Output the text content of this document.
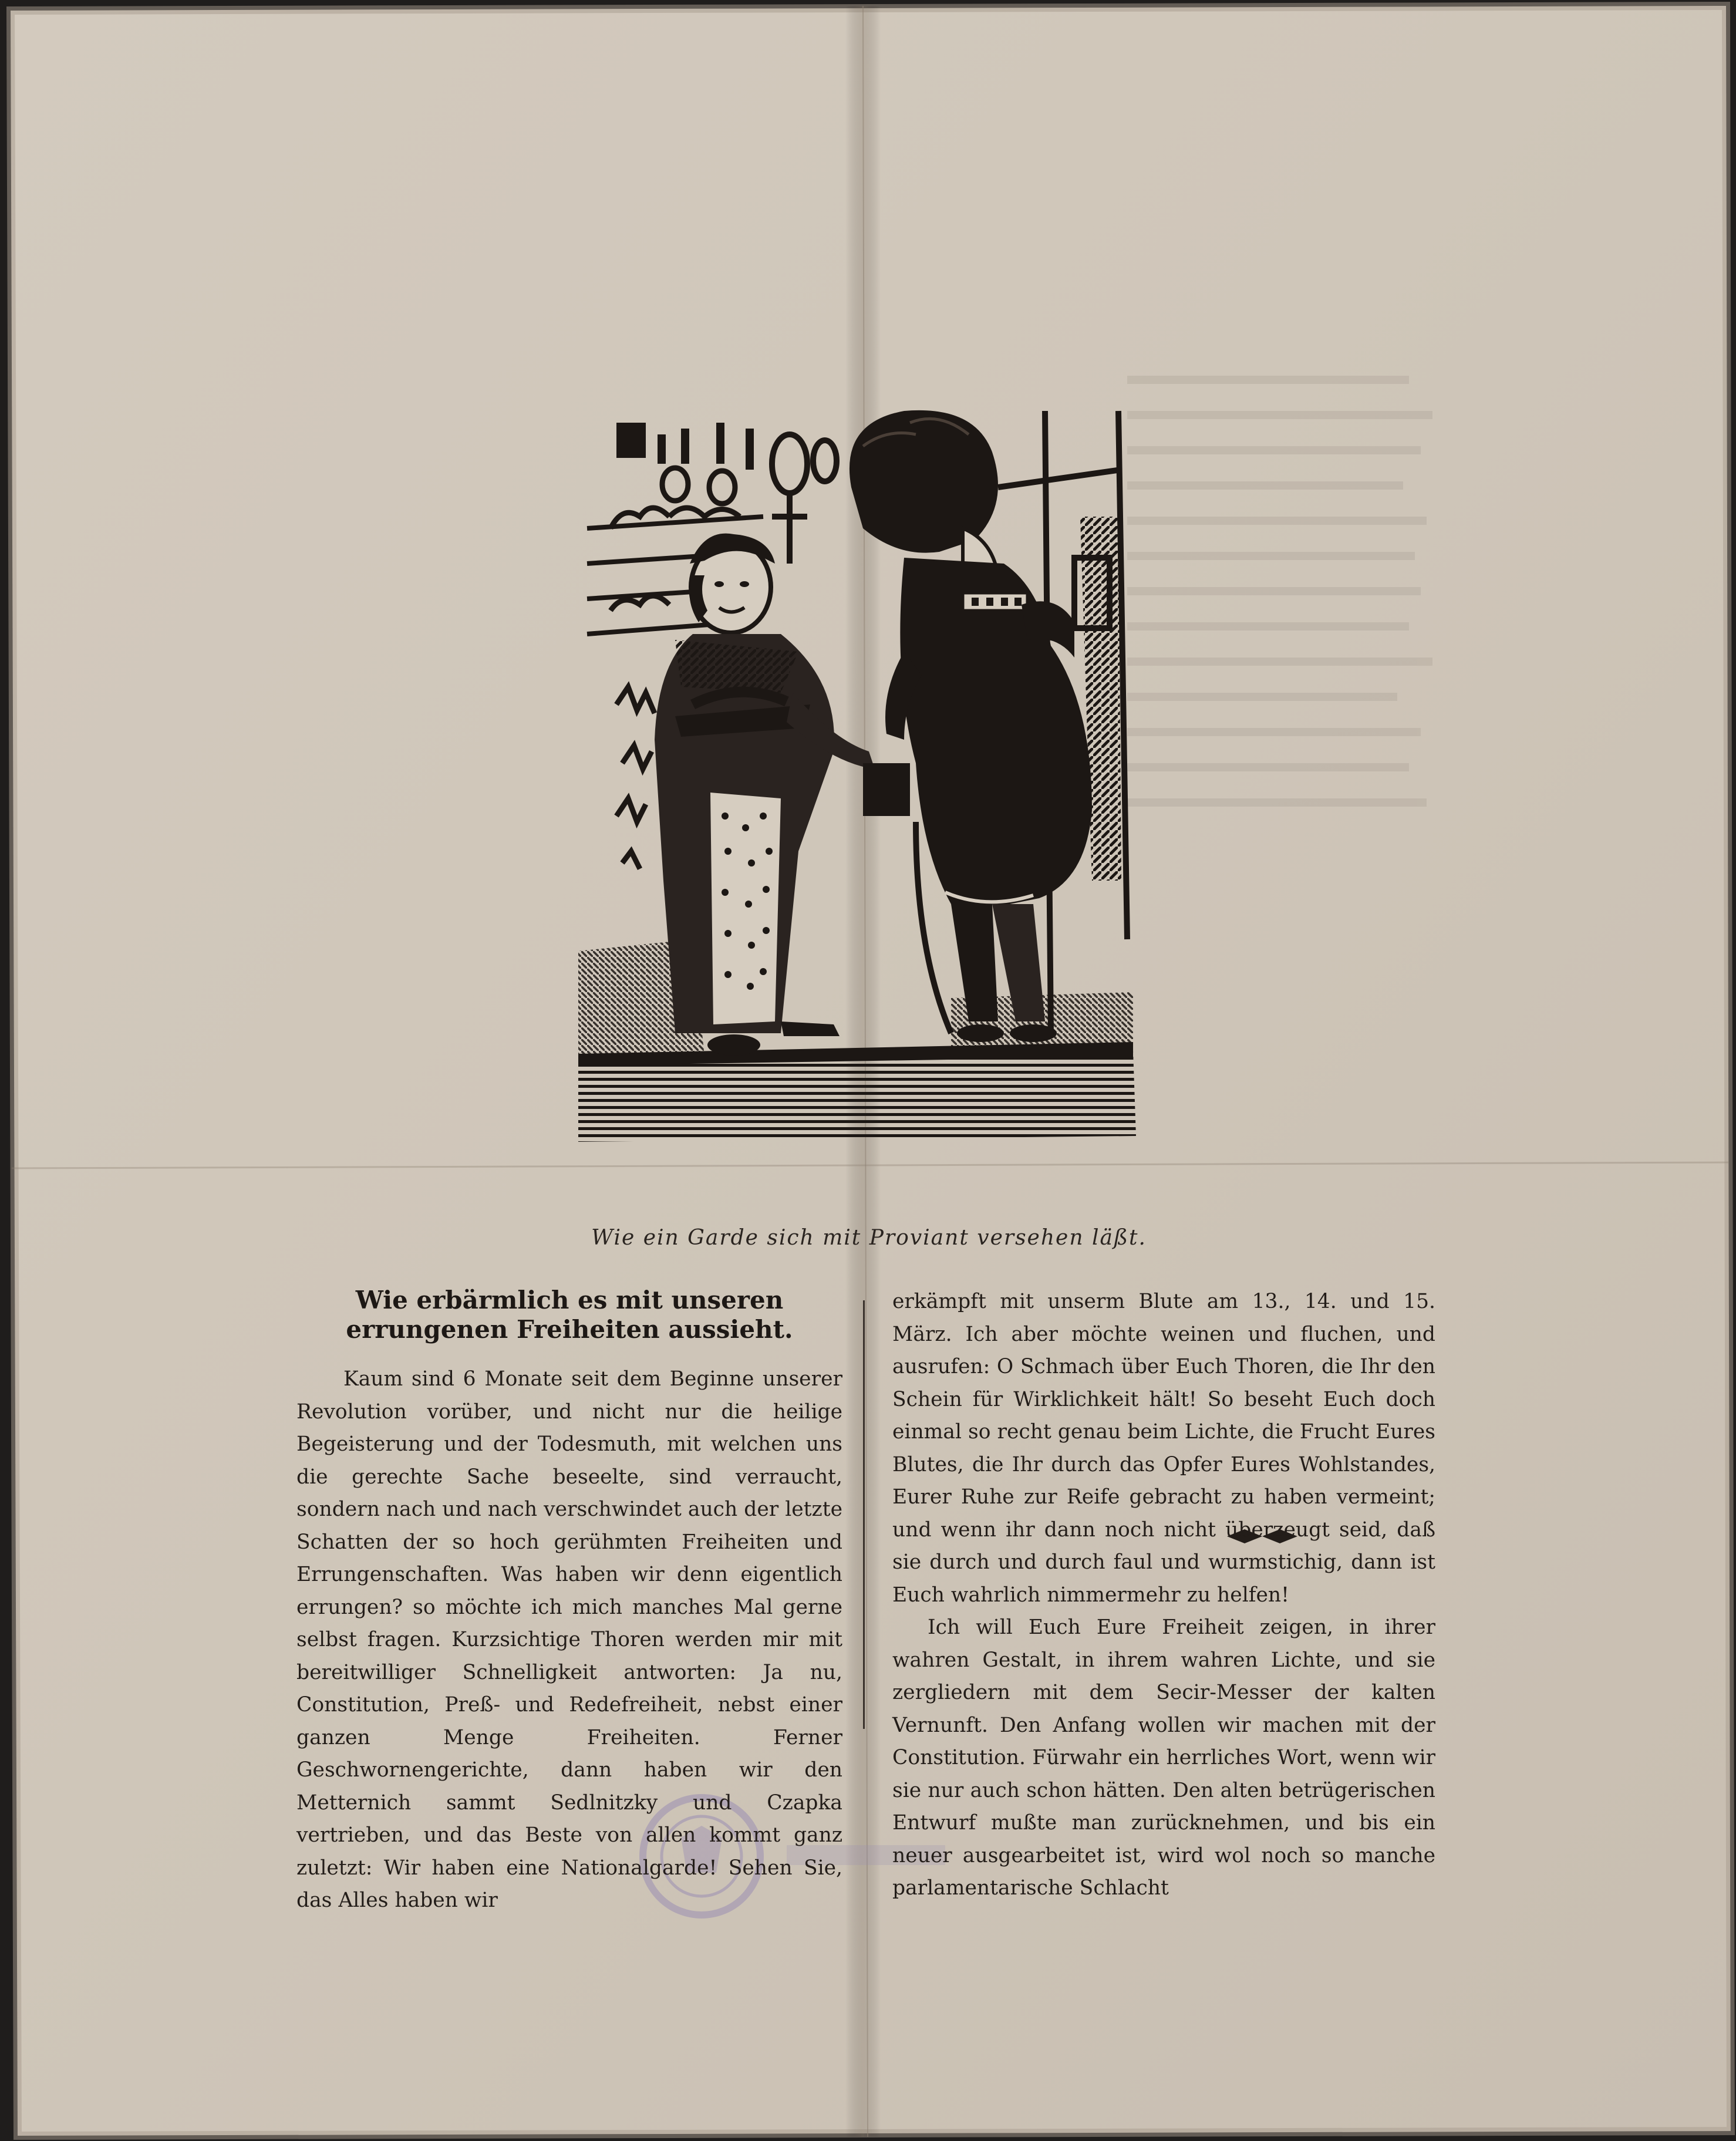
Wie ein Garde sich mit Proviant versehen läßt.
Wie erbärmlich es mit unseren errungenen Freiheiten aussieht.

Kaum sind 6 Monate seit dem Beginne unserer Revolution vorüber, und nicht nur die heilige Begeisterung und der Todesmuth, mit welchen uns die gerechte Sache beseelte, sind verraucht, sondern nach und nach verschwindet auch der letzte Schatten der so hoch gerühmten Freiheiten und Errungenschaften. Was haben wir denn eigentlich errungen? so möchte ich mich manches Mal gerne selbst fragen. Kurzsichtige Thoren werden mir mit bereitwilliger Schnelligkeit antworten: Ja nu, Constitution, Preß- und Redefreiheit, nebst einer ganzen Menge Freiheiten. Ferner Geschwornengerichte, dann haben wir den Metternich sammt Sedlnitzky und Czapka vertrieben, und das Beste von allen kommt ganz zuletzt: Wir haben eine Nationalgarde! Sehen Sie, das Alles haben wir

erkämpft mit unserm Blute am 13., 14. und 15. März. Ich aber möchte weinen und fluchen, und ausrufen: O Schmach über Euch Thoren, die Ihr den Schein für Wirklichkeit hält! So beseht Euch doch einmal so recht genau beim Lichte, die Frucht Eures Blutes, die Ihr durch das Opfer Eures Wohlstandes, Eurer Ruhe zur Reife gebracht zu haben vermeint; und wenn ihr dann noch nicht überzeugt seid, daß sie durch und durch faul und wurmstichig, dann ist Euch wahrlich nimmermehr zu helfen!

Ich will Euch Eure Freiheit zeigen, in ihrer wahren Gestalt, in ihrem wahren Lichte, und sie zergliedern mit dem Secir-Messer der kalten Vernunft. Den Anfang wollen wir machen mit der Constitution. Fürwahr ein herrliches Wort, wenn wir sie nur auch schon hätten. Den alten betrügerischen Entwurf mußte man zurücknehmen, und bis ein neuer ausgearbeitet ist, wird wol noch so manche parlamentarische Schlacht
